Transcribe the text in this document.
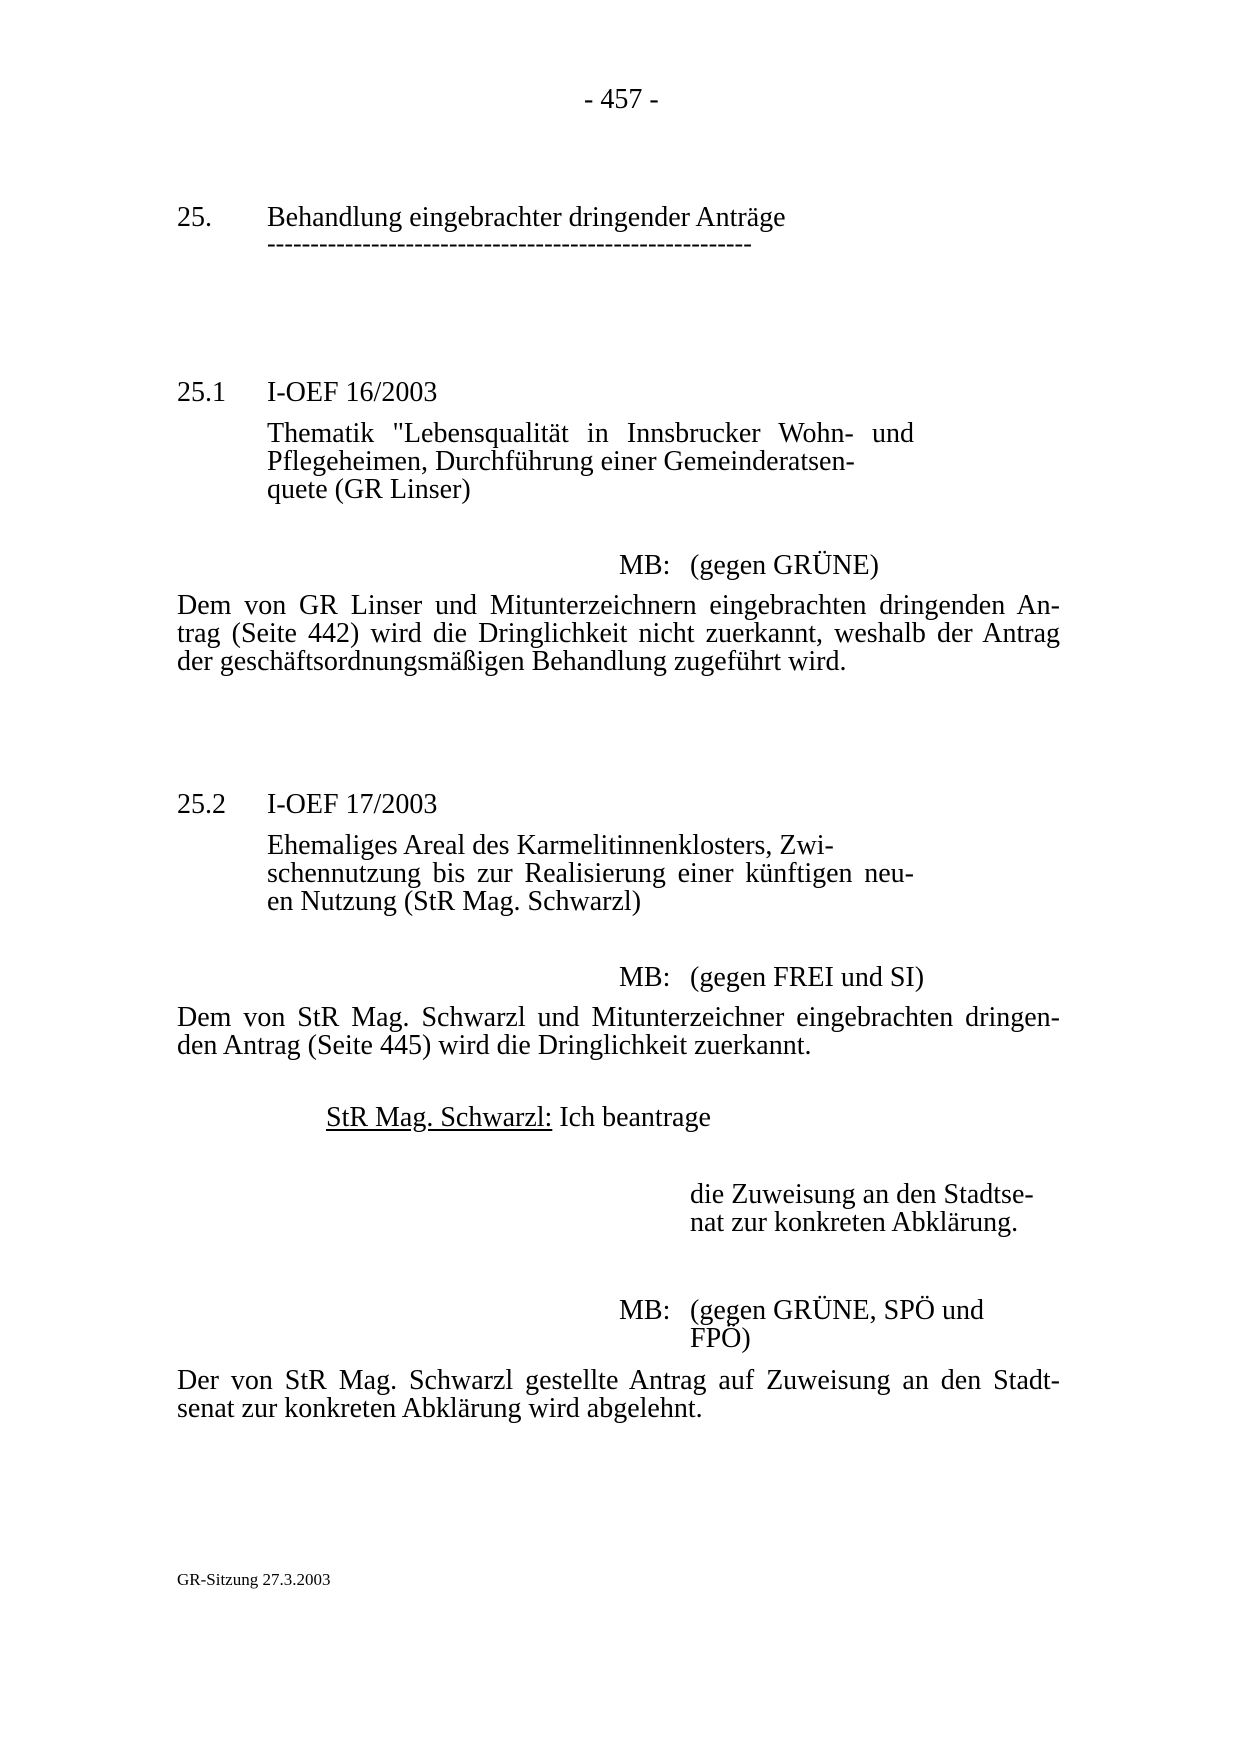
- 457 -
25. Behandlung eingebrachter dringender Anträge
--------------------------------------------------------
25.1 I-OEF 16/2003
Thematik "Lebensqualität in Innsbrucker Wohn- und
Pflegeheimen, Durchführung einer Gemeinderatsen-
quete (GR Linser)
MB: (gegen GRÜNE)
Dem von GR Linser und Mitunterzeichnern eingebrachten dringenden An-
trag (Seite 442) wird die Dringlichkeit nicht zuerkannt, weshalb der Antrag
der geschäftsordnungsmäßigen Behandlung zugeführt wird.
25.2 I-OEF 17/2003
Ehemaliges Areal des Karmelitinnenklosters, Zwi-
schennutzung bis zur Realisierung einer künftigen neu-
en Nutzung (StR Mag. Schwarzl)
MB: (gegen FREI und SI)
Dem von StR Mag. Schwarzl und Mitunterzeichner eingebrachten dringen-
den Antrag (Seite 445) wird die Dringlichkeit zuerkannt.
StR Mag. Schwarzl: Ich beantrage
die Zuweisung an den Stadtse-
nat zur konkreten Abklärung.
MB: (gegen GRÜNE, SPÖ und
FPÖ)
Der von StR Mag. Schwarzl gestellte Antrag auf Zuweisung an den Stadt-
senat zur konkreten Abklärung wird abgelehnt.
GR-Sitzung 27.3.2003
